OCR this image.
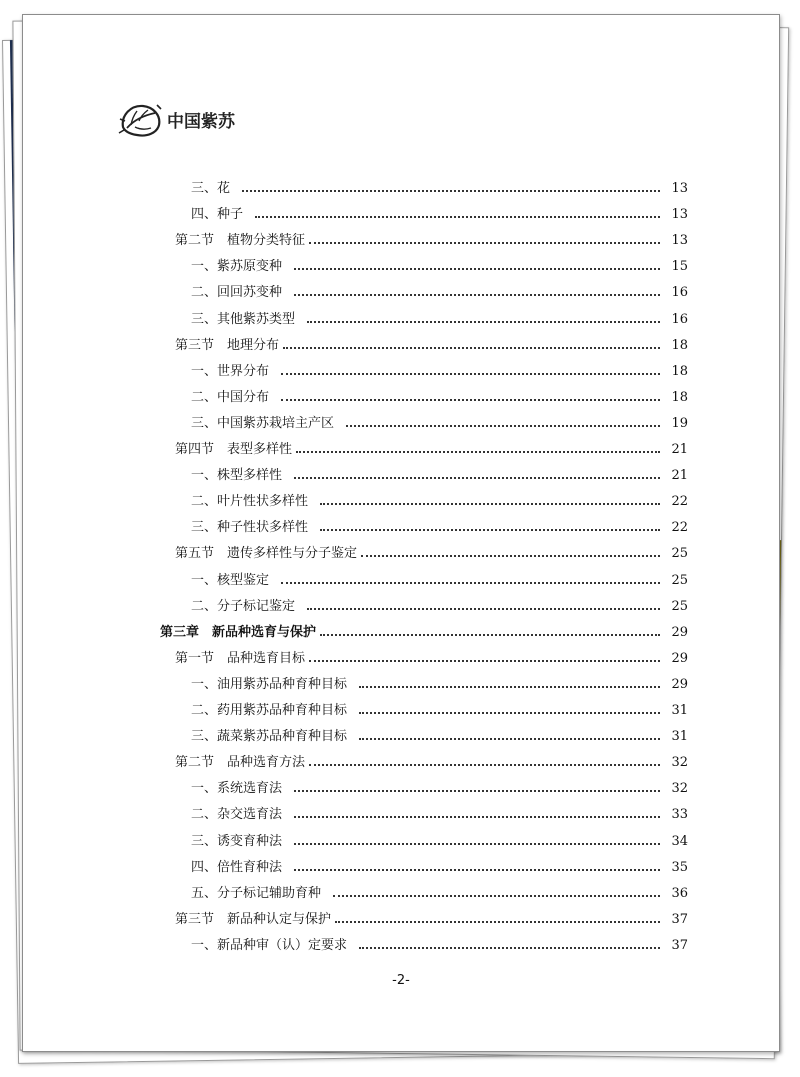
中国紫苏
三、花	13
四、种子	13
第二节　植物分类特征	13
一、紫苏原变种	15
二、回回苏变种	16
三、其他紫苏类型	16
第三节　地理分布	18
一、世界分布	18
二、中国分布	18
三、中国紫苏栽培主产区	19
第四节　表型多样性	21
一、株型多样性	21
二、叶片性状多样性	22
三、种子性状多样性	22
第五节　遗传多样性与分子鉴定	25
一、核型鉴定	25
二、分子标记鉴定	25
第三章　新品种选育与保护	29
第一节　品种选育目标	29
一、油用紫苏品种育种目标	29
二、药用紫苏品种育种目标	31
三、蔬菜紫苏品种育种目标	31
第二节　品种选育方法	32
一、系统选育法	32
二、杂交选育法	33
三、诱变育种法	34
四、倍性育种法	35
五、分子标记辅助育种	36
第三节　新品种认定与保护	37
一、新品种审（认）定要求	37
-2-
